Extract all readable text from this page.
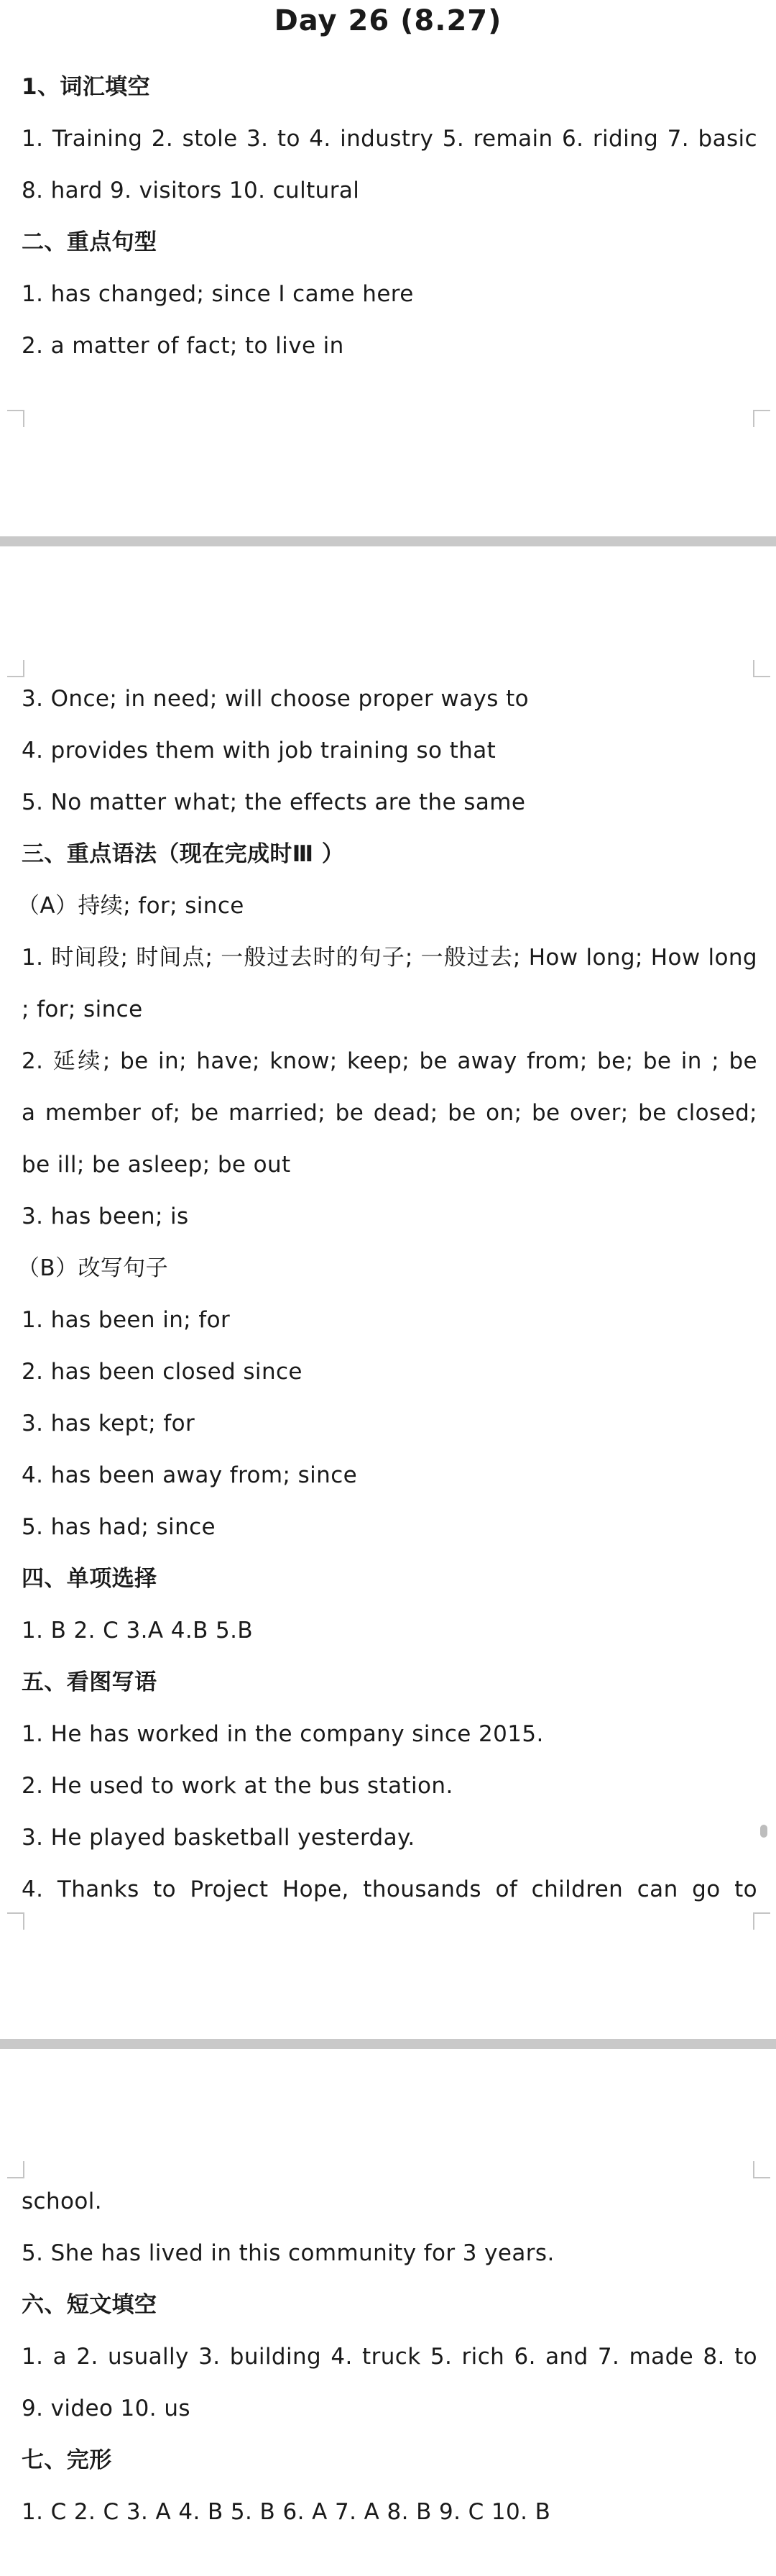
Day 26 (8.27)
1、词汇填空
1. Training 2. stole 3. to 4. industry 5. remain 6. riding 7. basic
8. hard 9. visitors 10. cultural
二、重点句型
1. has changed; since I came here
2. a matter of fact; to live in
3. Once; in need; will choose proper ways to
4. provides them with job training so that
5. No matter what; the effects are the same
三、重点语法（现在完成时Ⅲ ）
（A）持续; for; since
1. 时间段; 时间点; 一般过去时的句子; 一般过去; How long; How long
; for; since
2. 延续; be in; have; know; keep; be away from; be; be in ; be
a member of; be married; be dead; be on; be over; be closed;
be ill; be asleep; be out
3. has been; is
（B）改写句子
1. has been in; for
2. has been closed since
3. has kept; for
4. has been away from; since
5. has had; since
四、单项选择
1. B 2. C 3.A 4.B 5.B
五、看图写语
1. He has worked in the company since 2015.
2. He used to work at the bus station.
3. He played basketball yesterday.
4. Thanks to Project Hope, thousands of children can go to
school.
5. She has lived in this community for 3 years.
六、短文填空
1. a 2. usually 3. building 4. truck 5. rich 6. and 7. made 8. to
9. video 10. us
七、完形
1. C 2. C 3. A 4. B 5. B 6. A 7. A 8. B 9. C 10. B
